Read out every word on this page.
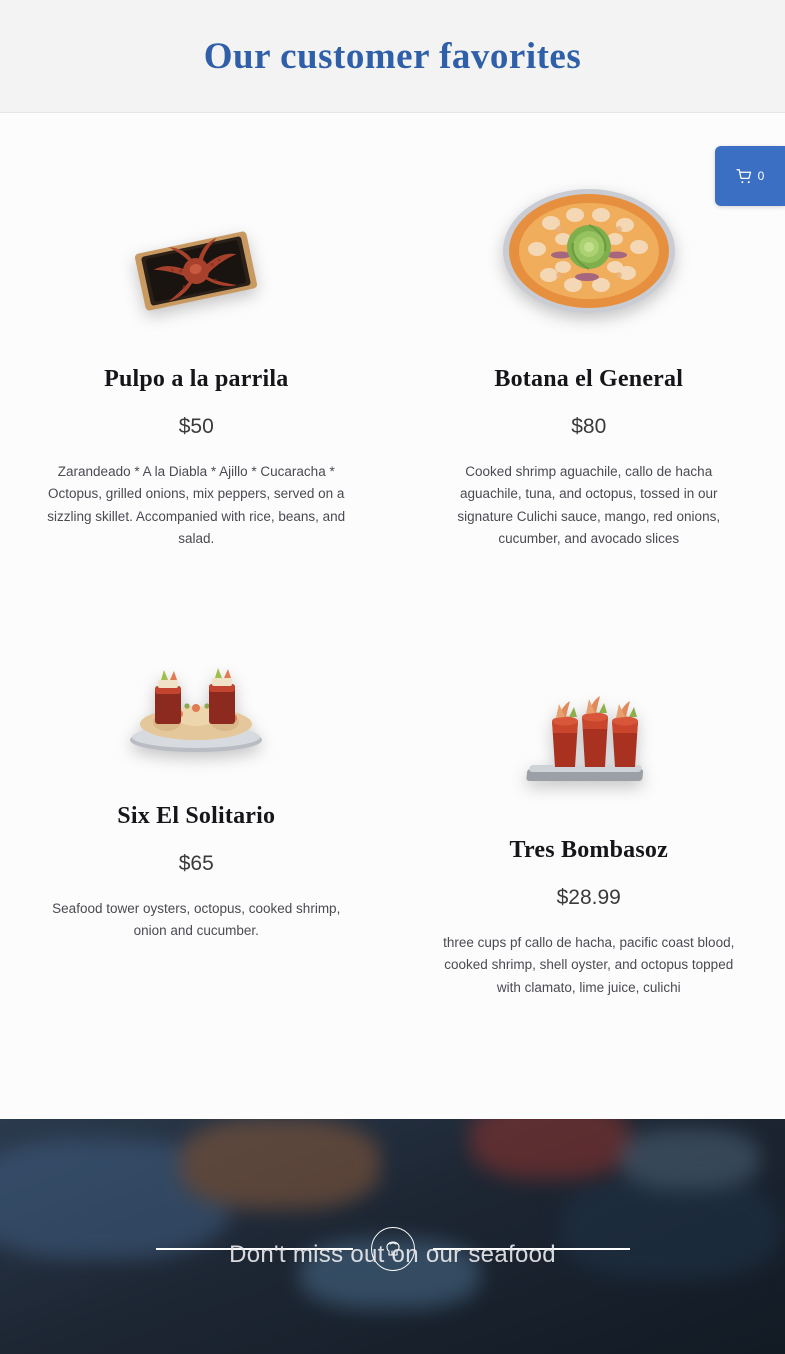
Our customer favorites
0
Pulpo a la parrila

$50

Zarandeado * A la Diabla * Ajillo * Cucaracha * Octopus, grilled onions, mix peppers, served on a sizzling skillet. Accompanied with rice, beans, and salad.

Six El Solitario

$65

Seafood tower oysters, octopus, cooked shrimp, onion and cucumber.

Botana el General

$80

Cooked shrimp aguachile, callo de hacha aguachile, tuna, and octopus, tossed in our signature Culichi sauce, mango, red onions, cucumber, and avocado slices

Tres Bombasoz

$28.99

three cups pf callo de hacha, pacific coast blood, cooked shrimp, shell oyster, and octopus topped with clamato, lime juice, culichi

Don't miss out on our seafood
